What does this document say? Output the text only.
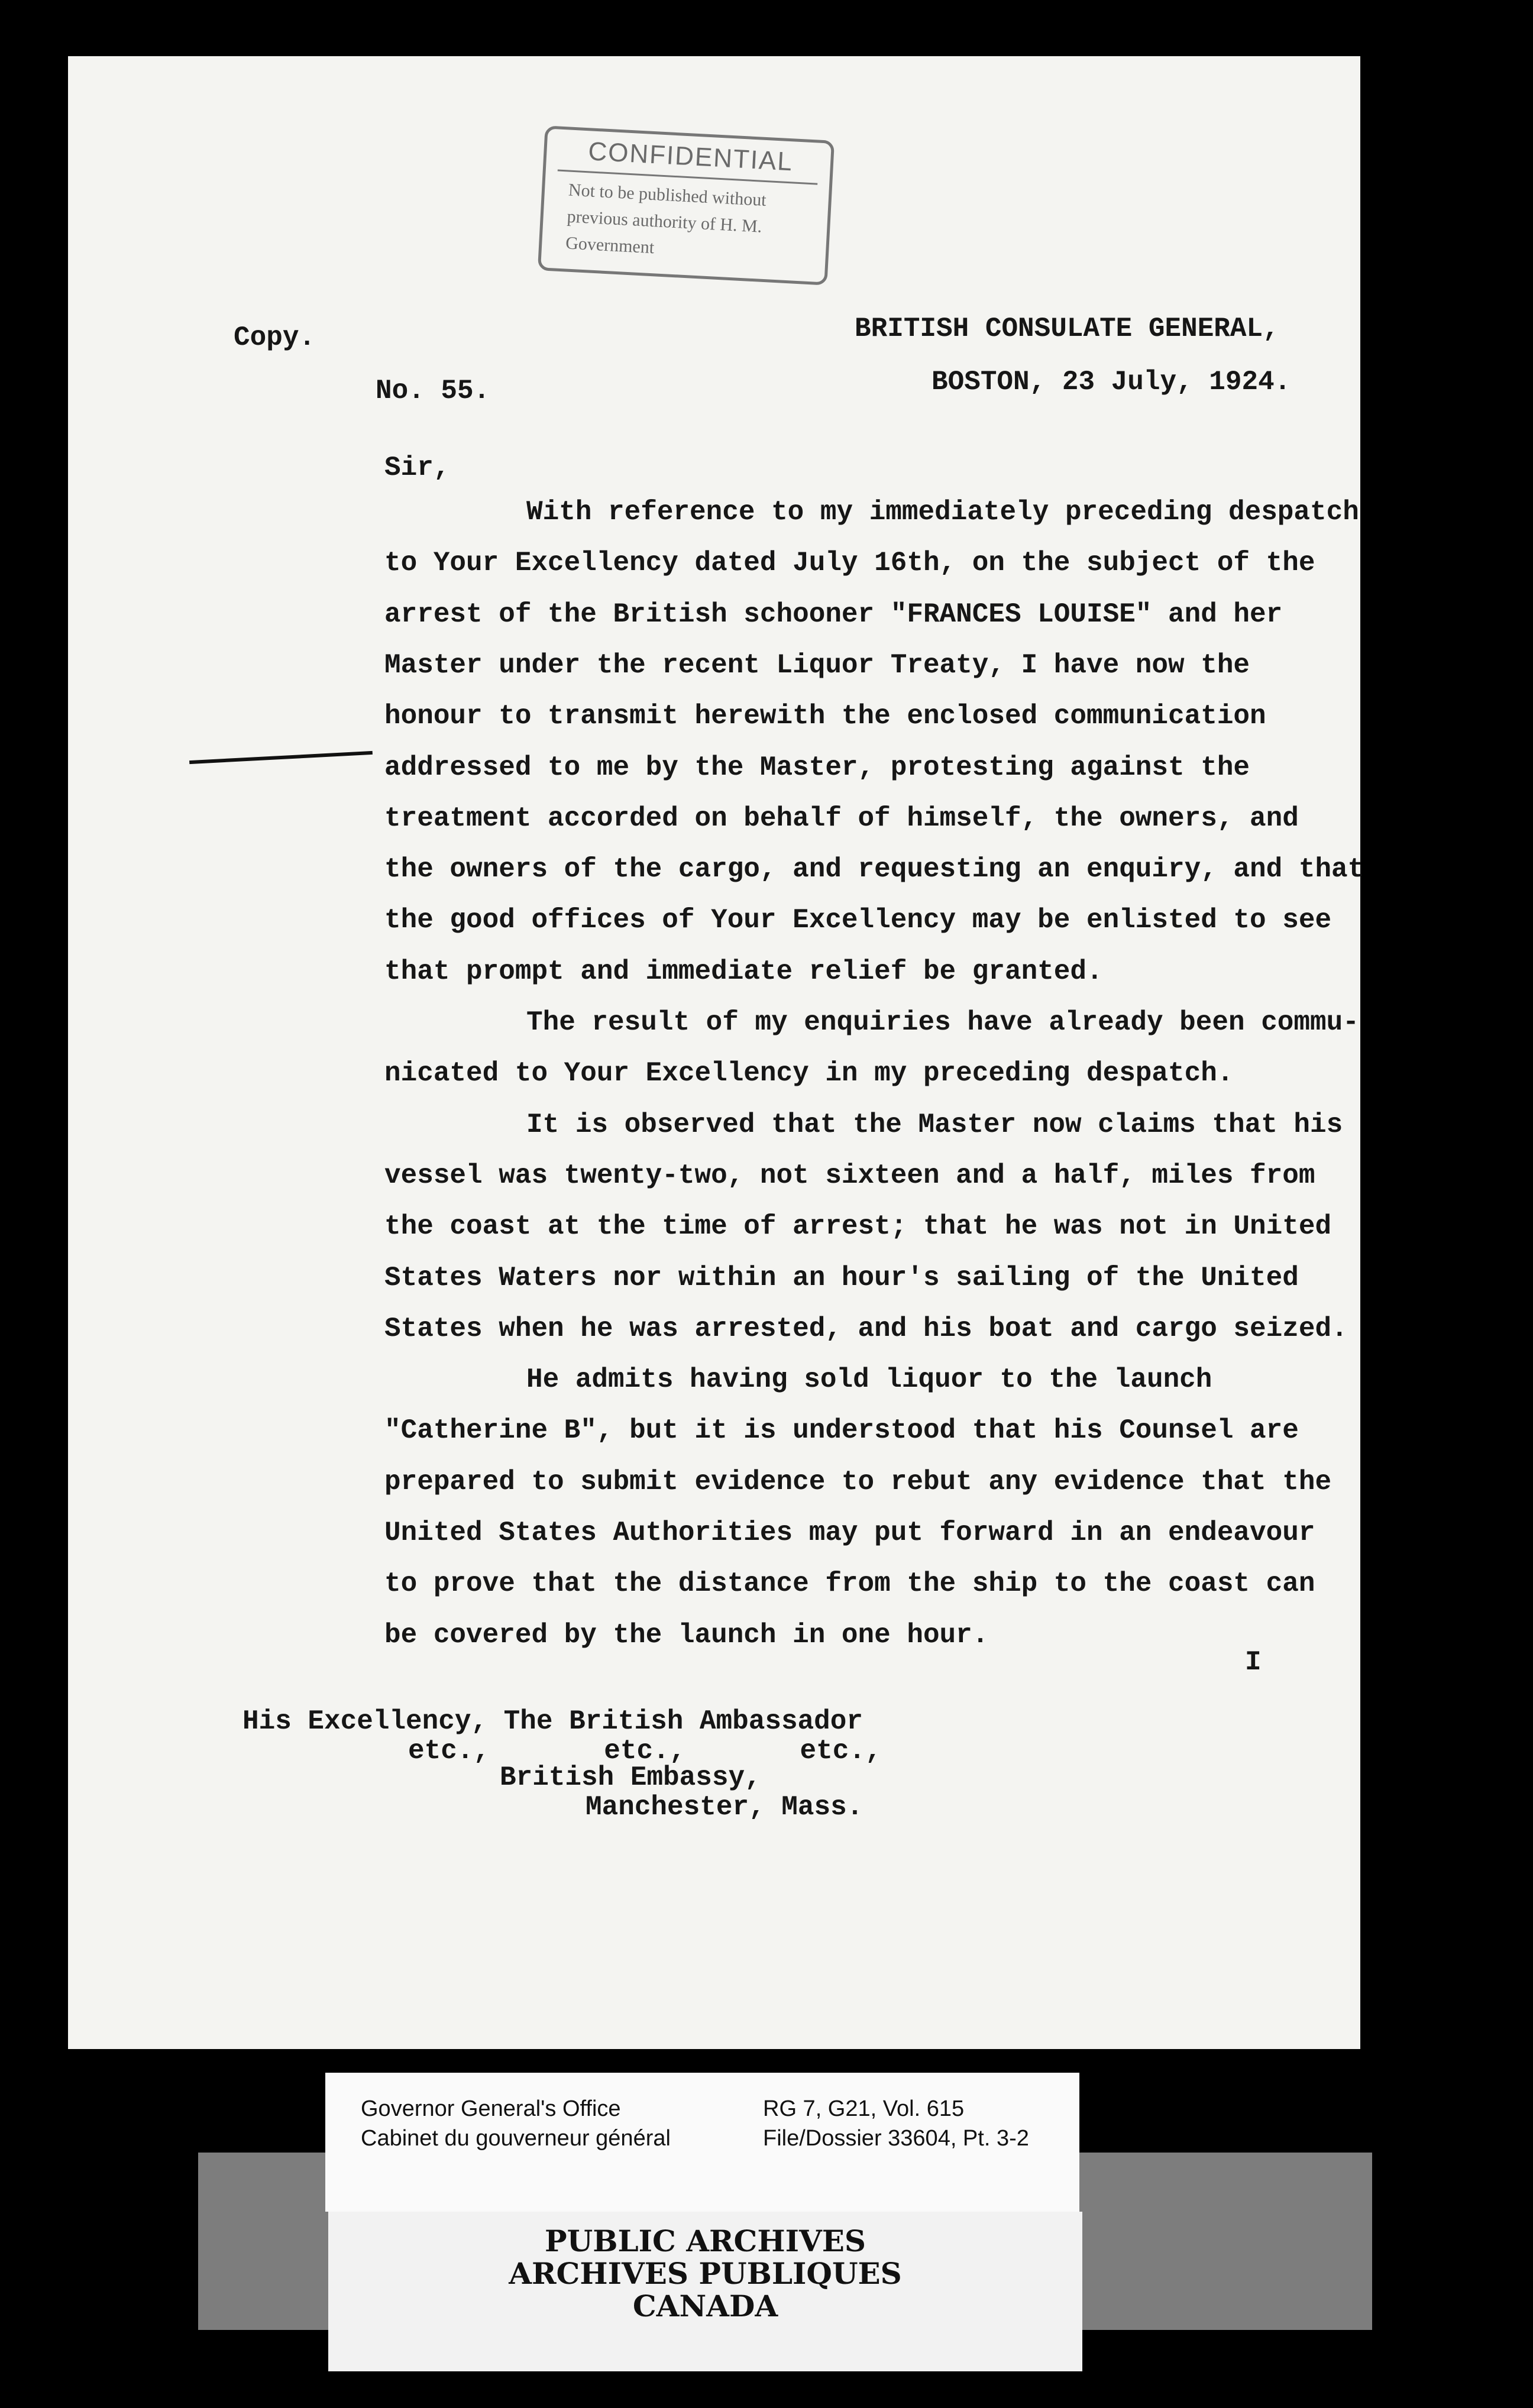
CONFIDENTIAL
Not to be published without
previous authority of H. M.
Government
Copy.	BRITISH CONSULATE GENERAL,
No. 55.	BOSTON, 23 July, 1924.
Sir,
With reference to my immediately preceding despatch
to Your Excellency dated July 16th, on the subject of the
arrest of the British schooner "FRANCES LOUISE" and her
Master under the recent Liquor Treaty, I have now the
honour to transmit herewith the enclosed communication
addressed to me by the Master, protesting against the
treatment accorded on behalf of himself, the owners, and
the owners of the cargo, and requesting an enquiry, and that
the good offices of Your Excellency may be enlisted to see
that prompt and immediate relief be granted.
The result of my enquiries have already been commu-
nicated to Your Excellency in my preceding despatch.
It is observed that the Master now claims that his
vessel was twenty-two, not sixteen and a half, miles from
the coast at the time of arrest; that he was not in United
States Waters nor within an hour's sailing of the United
States when he was arrested, and his boat and cargo seized.
He admits having sold liquor to the launch
"Catherine B", but it is understood that his Counsel are
prepared to submit evidence to rebut any evidence that the
United States Authorities may put forward in an endeavour
to prove that the distance from the ship to the coast can
be covered by the launch in one hour.
I
His Excellency, The British Ambassador
etc.,       etc.,       etc.,
British Embassy,
Manchester, Mass.
Governor General's Office
Cabinet du gouverneur général
RG 7, G21, Vol. 615
File/Dossier 33604, Pt. 3-2
PUBLIC ARCHIVES
ARCHIVES PUBLIQUES
CANADA
